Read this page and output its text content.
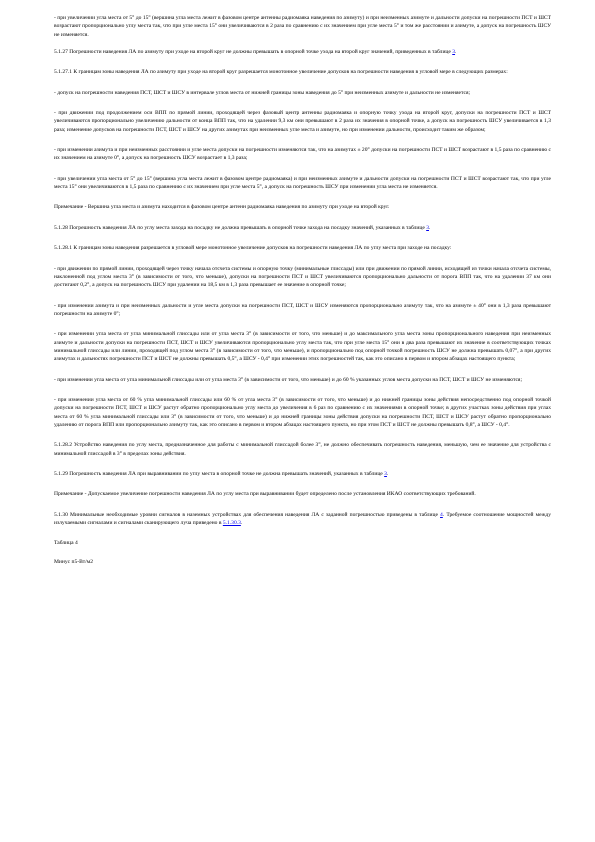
- при увеличении угла места от 5° до 15° (вершина угла места лежит в фазовом центре антенны радиомаяка наведения по азимуту) и при неизменных азимуте и дальности допуски на погрешности ПСТ и ШСТ возрастают пропорционально углу места так, что при угле места 15° они увеличиваются в 2 раза по сравнению с их значением при угле места 5° и том же расстоянии и азимуте, а допуск на погрешность ШСУ не изменяется.

5.1.27 Погрешности наведения ЛА по азимуту при уходе на второй круг не должны превышать в опорной точке ухода на второй круг значений, приведенных в таблице 3.

5.1.27.1 К границам зоны наведения ЛА по азимуту при уходе на второй круг разрешается монотонное увеличение допусков на погрешности наведения в угловой мере в следующих размерах:

- допуск на погрешности наведения ПСТ, ШСТ и ШСУ в интервале углов места от нижней границы зоны наведения до 5° при неизменных азимуте и дальности не изменяется;

- при движении под продолжением оси ВПП по прямой линии, проходящей через фазовый центр антенны радиомаяка и опорную точку ухода на второй круг, допуски на погрешности ПСТ и ШСТ увеличиваются пропорционально увеличению дальности от конца ВПП так, что на удалении 9,3 км они превышают в 2 раза их значения в опорной точке, а допуск на погрешность ШСУ увеличивается в 1,3 раза; изменение допусков на погрешности ПСТ, ШСТ и ШСУ на других азимутах при неизменных угле места и азимуте, но при изменении дальности, происходит таким же образом;

- при изменении азимута и при неизменных расстоянии и угле места допуски на погрешности изменяются так, что на азимутах ± 20° допуски на погрешности ПСТ и ШСТ возрастают в 1,5 раза по сравнению с их значением на азимуте 0°, а допуск на погрешность ШСУ возрастает в 1,3 раза;

- при увеличении угла места от 5° до 15° (вершина угла места лежит в фазовом центре радиомаяка) и при неизменных азимуте и дальности допуски на погрешности ПСТ и ШСТ возрастают так, что при угле места 15° они увеличиваются в 1,5 раза по сравнению с их значением при угле места 5°, а допуск на погрешность ШСУ при изменении угла места не изменяется.

Примечание - Вершина угла места и азимута находится в фазовом центре антенн радиомаяка наведения по азимуту при уходе на второй круг.

5.1.28 Погрешность наведения ЛА по углу места захода на посадку не должна превышать в опорной точке захода на посадку значений, указанных в таблице 3.

5.1.28.1 К границам зоны наведения разрешается в угловой мере монотонное увеличение допусков на погрешности наведения ЛА по углу места при заходе на посадку:

- при движении по прямой линии, проходящей через точку начала отсчета системы и опорную точку (минимальные глиссады) или при движении по прямой линии, исходящей из точки начала отсчета системы, наклоненной под углом места 3° (в зависимости от того, что меньше), допуски на погрешности ПСТ и ШСТ увеличиваются пропорционально дальности от порога ВПП так, что на удалении 37 км они достигают 0,2°, а допуск на погрешность ШСУ при удалении на 18,5 км в 1,3 раза превышает ее значение в опорной точке;

- при изменении азимута и при неизменных дальности и угле места допуски на погрешности ПСТ, ШСТ и ШСУ изменяются пропорционально азимуту так, что на азимуте ± 40° они в 1,3 раза превышают погрешности на азимуте 0°;

- при изменении угла места от угла минимальной глиссады или от угла места 3° (в зависимости от того, что меньше) и до максимального угла места зоны пропорционального наведения при неизменных азимуте и дальности допуски на погрешности ПСТ, ШСТ и ШСУ увеличиваются пропорционально углу места так, что при угле места 15° они в два раза превышают их значение в соответствующих точках минимальной глиссады или линии, проходящей под углом места 3° (в зависимости от того, что меньше), и пропорционально под опорной точкой погрешность ШСУ не должна превышать 0,07°, а при других азимутах и дальностях погрешности ПСТ и ШСТ не должны превышать 0,5°, а ШСУ - 0,4° при изменении этих погрешностей так, как это описано в первом и втором абзацах настоящего пункта;

- при изменении угла места от угла минимальной глиссады или от угла места 3° (в зависимости от того, что меньше) и до 60 % указанных углов места допуски на ПСТ, ШСТ и ШСУ не изменяются;

- при изменении угла места от 60 % угла минимальной глиссады или 60 % от угла места 3° (в зависимости от того, что меньше) и до нижней границы зоны действия непосредственно под опорной точкой допуски на погрешности ПСТ, ШСТ и ШСУ растут обратно пропорционально углу места до увеличения в 6 раз по сравнению с их значениями в опорной точке; в других участках зоны действия при углах места от 60 % угла минимальной глиссады или 3° (в зависимости от того, что меньше) и до нижней границы зоны действия допуски на погрешности ПСТ, ШСТ и ШСУ растут обратно пропорционально удалению от порога ВПП или пропорционально азимуту так, как это описано в первом и втором абзацах настоящего пункта, но при этом ПСТ и ШСТ не должны превышать 0,8°, а ШСУ - 0,4°.

5.1.28.2 Устройство наведения по углу места, предназначенное для работы с минимальной глиссадой более 3°, не должно обеспечивать погрешность наведения, меньшую, чем ее значение для устройства с минимальной глиссадой в 3° в пределах зоны действия.

5.1.29 Погрешность наведения ЛА при выравнивании по углу места в опорной точке не должна превышать значений, указанных в таблице 3.

Примечание - Допускаемое увеличение погрешности наведения ЛА по углу места при выравнивании будет определено после установления ИКАО соответствующих требований.

5.1.30 Минимальные необходимые уровни сигналов в наземных устройствах для обеспечения наведения ЛА с заданной погрешностью приведены в таблице 4. Требуемое соотношение мощностей между излучаемыми сигналами и сигналами сканирующего луча приведено в 5.1.30.3.

Таблица 4

Минус п5-Вт/м2
